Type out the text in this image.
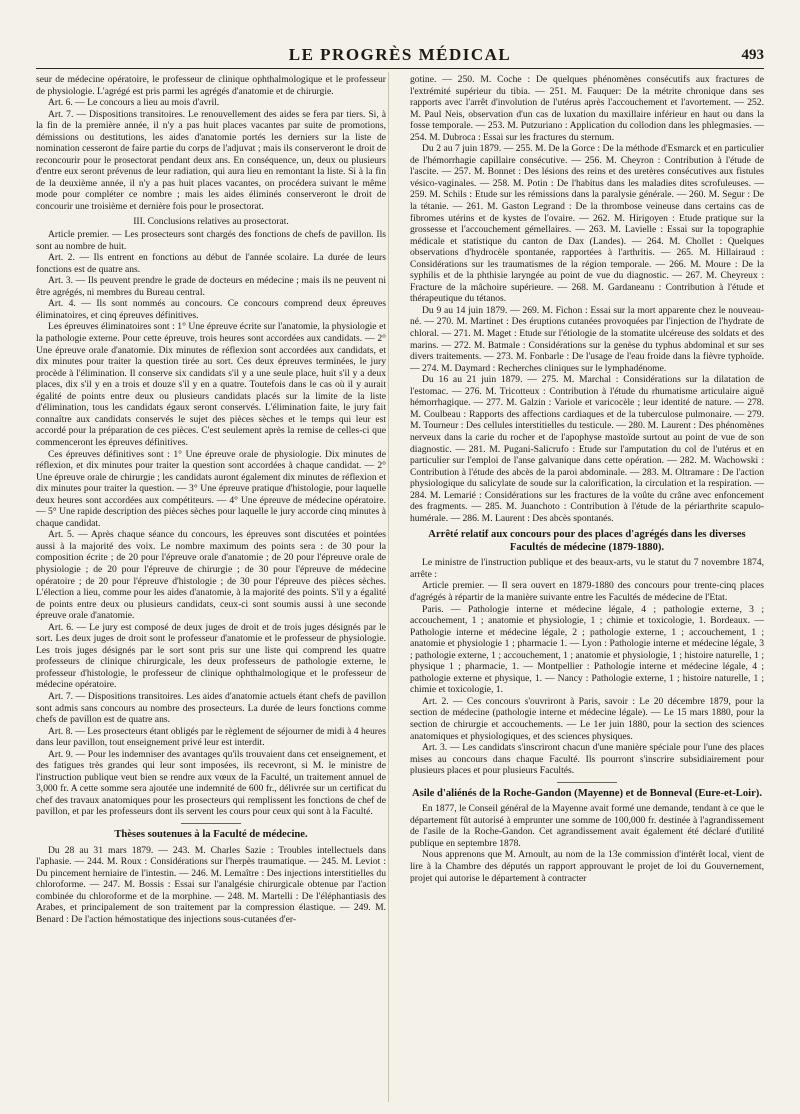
LE PROGRÈS MÉDICAL	493

seur de médecine opératoire, le professeur de clinique ophthalmologique et le professeur de physiologie. L'agrégé est pris parmi les agrégés d'anatomie et de chirurgie.

Art. 6. — Le concours a lieu au mois d'avril.

Art. 7. — Dispositions transitoires. Le renouvellement des aides se fera par tiers. Si, à la fin de la première année, il n'y a pas huit places vacantes par suite de promotions, démissions ou destitutions, les aides d'anatomie portés les derniers sur la liste de nomination cesseront de faire partie du corps de l'adjuvat ; mais ils conserveront le droit de reconcourir pour le prosectorat pendant deux ans. En conséquence, un, deux ou plusieurs d'entre eux seront prévenus de leur radiation, qui aura lieu en remontant la liste. Si à la fin de la deuxième année, il n'y a pas huit places vacantes, on procédera suivant le même mode pour compléter ce nombre ; mais les aides éliminés conserveront le droit de concourir une troisième et dernière fois pour le prosectorat.

III. Conclusions relatives au prosectorat.

Article premier. — Les prosecteurs sont chargés des fonctions de chefs de pavillon. Ils sont au nombre de huit.

Art. 2. — Ils entrent en fonctions au début de l'année scolaire. La durée de leurs fonctions est de quatre ans.

Art. 3. — Ils peuvent prendre le grade de docteurs en médecine ; mais ils ne peuvent ni être agrégés, ni membres du Bureau central.

Art. 4. — Ils sont nommés au concours. Ce concours comprend deux épreuves éliminatoires, et cinq épreuves définitives.

Les épreuves éliminatoires sont : 1° Une épreuve écrite sur l'anatomie, la physiologie et la pathologie externe. Pour cette épreuve, trois heures sont accordées aux candidats. — 2° Une épreuve orale d'anatomie. Dix minutes de réflexion sont accordées aux candidats, et dix minutes pour traiter la question tirée au sort. Ces deux épreuves terminées, le jury procède à l'élimination. Il conserve six candidats s'il y a une seule place, huit s'il y a deux places, dix s'il y en a trois et douze s'il y en a quatre. Toutefois dans le cas où il y aurait égalité de points entre deux ou plusieurs candidats placés sur la limite de la liste d'élimination, tous les candidats égaux seront conservés. L'élimination faite, le jury fait connaître aux candidats conservés le sujet des pièces sèches et le temps qui leur est accordé pour la préparation de ces pièces. C'est seulement après la remise de celles-ci que commenceront les épreuves définitives.

Ces épreuves définitives sont : 1° Une épreuve orale de physiologie. Dix minutes de réflexion, et dix minutes pour traiter la question sont accordées à chaque candidat. — 2° Une épreuve orale de chirurgie ; les candidats auront également dix minutes de réflexion et dix minutes pour traiter la question. — 3° Une épreuve pratique d'histologie, pour laquelle deux heures sont accordées aux compétiteurs. — 4° Une épreuve de médecine opératoire. — 5° Une rapide description des pièces sèches pour laquelle le jury accorde cinq minutes à chaque candidat.

Art. 5. — Après chaque séance du concours, les épreuves sont discutées et pointées aussi à la majorité des voix. Le nombre maximum des points sera : de 30 pour la composition écrite ; de 20 pour l'épreuve orale d'anatomie ; de 20 pour l'épreuve orale de physiologie ; de 20 pour l'épreuve de chirurgie ; de 30 pour l'épreuve de médecine opératoire ; de 20 pour l'épreuve d'histologie ; de 30 pour l'épreuve des pièces sèches. L'élection a lieu, comme pour les aides d'anatomie, à la majorité des points. S'il y a égalité de points entre deux ou plusieurs candidats, ceux-ci sont soumis aussi à une seconde épreuve orale d'anatomie.

Art. 6. — Le jury est composé de deux juges de droit et de trois juges désignés par le sort. Les deux juges de droit sont le professeur d'anatomie et le professeur de physiologie. Les trois juges désignés par le sort sont pris sur une liste qui comprend les quatre professeurs de clinique chirurgicale, les deux professeurs de pathologie externe, le professeur d'histologie, le professeur de clinique ophthalmologique et le professeur de médecine opératoire.

Art. 7. — Dispositions transitoires. Les aides d'anatomie actuels étant chefs de pavillon sont admis sans concours au nombre des prosecteurs. La durée de leurs fonctions comme chefs de pavillon est de quatre ans.

Art. 8. — Les prosecteurs étant obligés par le règlement de séjourner de midi à 4 heures dans leur pavillon, tout enseignement privé leur est interdit.

Art. 9. — Pour les indemniser des avantages qu'ils trouvaient dans cet enseignement, et des fatigues très grandes qui leur sont imposées, ils recevront, si M. le ministre de l'instruction publique veut bien se rendre aux vœux de la Faculté, un traitement annuel de 3,000 fr. A cette somme sera ajoutée une indemnité de 600 fr., délivrée sur un certificat du chef des travaux anatomiques pour les prosecteurs qui remplissent les fonctions de chef de pavillon, et par les professeurs dont ils servent les cours pour ceux qui sont à la Faculté.

Thèses soutenues à la Faculté de médecine.

Du 28 au 31 mars 1879. — 243. M. Charles Sazie : Troubles intellectuels dans l'aphasie. — 244. M. Roux : Considérations sur l'herpès traumatique. — 245. M. Leviot : Du pincement herniaire de l'intestin. — 246. M. Lemaître : Des injections interstitielles du chloroforme. — 247. M. Bossis : Essai sur l'analgésie chirurgicale obtenue par l'action combinée du chloroforme et de la morphine. — 248. M. Martelli : De l'éléphantiasis des Arabes, et principalement de son traitement par la compression élastique. — 249. M. Benard : De l'action hémostatique des injections sous-cutanées d'er-

gotine. — 250. M. Coche : De quelques phénomènes consécutifs aux fractures de l'extrémité supérieur du tibia. — 251. M. Fauquer: De la métrite chronique dans ses rapports avec l'arrêt d'involution de l'utérus après l'accouchement et l'avortement. — 252. M. Paul Neis, observation d'un cas de luxation du maxillaire inférieur en haut ou dans la fosse temporale. — 253. M. Putzuriano : Application du collodion dans les phlegmasies. — 254. M. Dubroca : Essai sur les fractures du sternum.

Du 2 au 7 juin 1879. — 255. M. De la Gorce : De la méthode d'Esmarck et en particulier de l'hémorrhagie capillaire consécutive. — 256. M. Cheyron : Contribution à l'étude de l'ascite. — 257. M. Bonnet : Des lésions des reins et des uretères consécutives aux fistules vésico-vaginales. — 258. M. Potin : De l'habitus dans les maladies dites scrofuleuses. — 259. M. Schils : Etude sur les rémissions dans la paralysie générale. — 260. M. Segur : De la tétanie. — 261. M. Gaston Legrand : De la thrombose veineuse dans certains cas de fibromes utérins et de kystes de l'ovaire. — 262. M. Hirigoyen : Etude pratique sur la grossesse et l'accouchement gémellaires. — 263. M. Lavielle : Essai sur la topographie médicale et statistique du canton de Dax (Landes). — 264. M. Chollet : Quelques observations d'hydrocèle spontanée, rapportées à l'arthritis. — 265. M. Hillairaud : Considérations sur les traumatismes de la région temporale. — 266. M. Moure : De la syphilis et de la phthisie laryngée au point de vue du diagnostic. — 267. M. Cheyreux : Fracture de la mâchoire supérieure. — 268. M. Gardaneanu : Contribution à l'étude et thérapeutique du tétanos.

Du 9 au 14 juin 1879. — 269. M. Fichon : Essai sur la mort apparente chez le nouveau-né. — 270. M. Martinet : Des éruptions cutanées provoquées par l'injection de l'hydrate de chloral. — 271. M. Maget : Etude sur l'étiologie de la stomatite ulcéreuse des soldats et des marins. — 272. M. Batmale : Considérations sur la genèse du typhus abdominal et sur ses divers traitements. — 273. M. Fonbarle : De l'usage de l'eau froide dans la fièvre typhoïde. — 274. M. Daymard : Recherches cliniques sur le lymphadénome.

Du 16 au 21 juin 1879. — 275. M. Marchal : Considérations sur la dilatation de l'estomac. — 276. M. Tricotteux : Contribution à l'étude du rhumatisme articulaire aiguë hémorrhagique. — 277. M. Galzin : Variole et varicocèle ; leur identité de nature. — 278. M. Coulbeau : Rapports des affections cardiaques et de la tuberculose pulmonaire. — 279. M. Tourneur : Des cellules interstitielles du testicule. — 280. M. Laurent : Des phénomènes nerveux dans la carie du rocher et de l'apophyse mastoïde surtout au point de vue de son diagnostic. — 281. M. Pugani-Salicrufo : Etude sur l'amputation du col de l'utérus et en particulier sur l'emploi de l'anse galvanique dans cette opération. — 282. M. Wachowski : Contribution à l'étude des abcès de la paroi abdominale. — 283. M. Oltramare : De l'action physiologique du salicylate de soude sur la calorification, la circulation et la respiration. — 284. M. Lemarié : Considérations sur les fractures de la voûte du crâne avec enfoncement des fragments. — 285. M. Juanchoto : Contribution à l'étude de la périarthrite scapulo-humérale. — 286. M. Laurent : Des abcès spontanés.

Arrêté relatif aux concours pour des places d'agrégés dans les diverses Facultés de médecine (1879-1880).

Le ministre de l'instruction publique et des beaux-arts, vu le statut du 7 novembre 1874, arrête :

Article premier. — Il sera ouvert en 1879-1880 des concours pour trente-cinq places d'agrégés à répartir de la manière suivante entre les Facultés de médecine de l'Etat.

Paris. — Pathologie interne et médecine légale, 4 ; pathologie externe, 3 ; accouchement, 1 ; anatomie et physiologie, 1 ; chimie et toxicologie, 1. Bordeaux. — Pathologie interne et médecine légale, 2 ; pathologie externe, 1 ; accouchement, 1 ; anatomie et physiologie 1 ; pharmacie 1. — Lyon : Pathologie interne et médecine légale, 3 ; pathologie externe, 1 ; accouchement, 1 ; anatomie et physiologie, 1 ; histoire naturelle, 1 ; physique 1 ; pharmacie, 1. — Montpellier : Pathologie interne et médecine légale, 4 ; pathologie externe et physique, 1. — Nancy : Pathologie externe, 1 ; histoire naturelle, 1 ; chimie et toxicologie, 1.

Art. 2. — Ces concours s'ouvriront à Paris, savoir : Le 20 décembre 1879, pour la section de médecine (pathologie interne et médecine légale). — Le 15 mars 1880, pour la section de chirurgie et accouchements. — Le 1er juin 1880, pour la section des sciences anatomiques et physiologiques, et des sciences physiques.

Art. 3. — Les candidats s'inscriront chacun d'une manière spéciale pour l'une des places mises au concours dans chaque Faculté. Ils pourront s'inscrire subsidiairement pour plusieurs places et pour plusieurs Facultés.

Asile d'aliénés de la Roche-Gandon (Mayenne) et de Bonneval (Eure-et-Loir).

En 1877, le Conseil général de la Mayenne avait formé une demande, tendant à ce que le département fût autorisé à emprunter une somme de 100,000 fr. destinée à l'agrandissement de l'asile de la Roche-Gandon. Cet agrandissement avait également été déclaré d'utilité publique en septembre 1878.

Nous apprenons que M. Arnoult, au nom de la 13e commission d'intérêt local, vient de lire à la Chambre des députés un rapport approuvant le projet de loi du Gouvernement, projet qui autorise le département à contracter
